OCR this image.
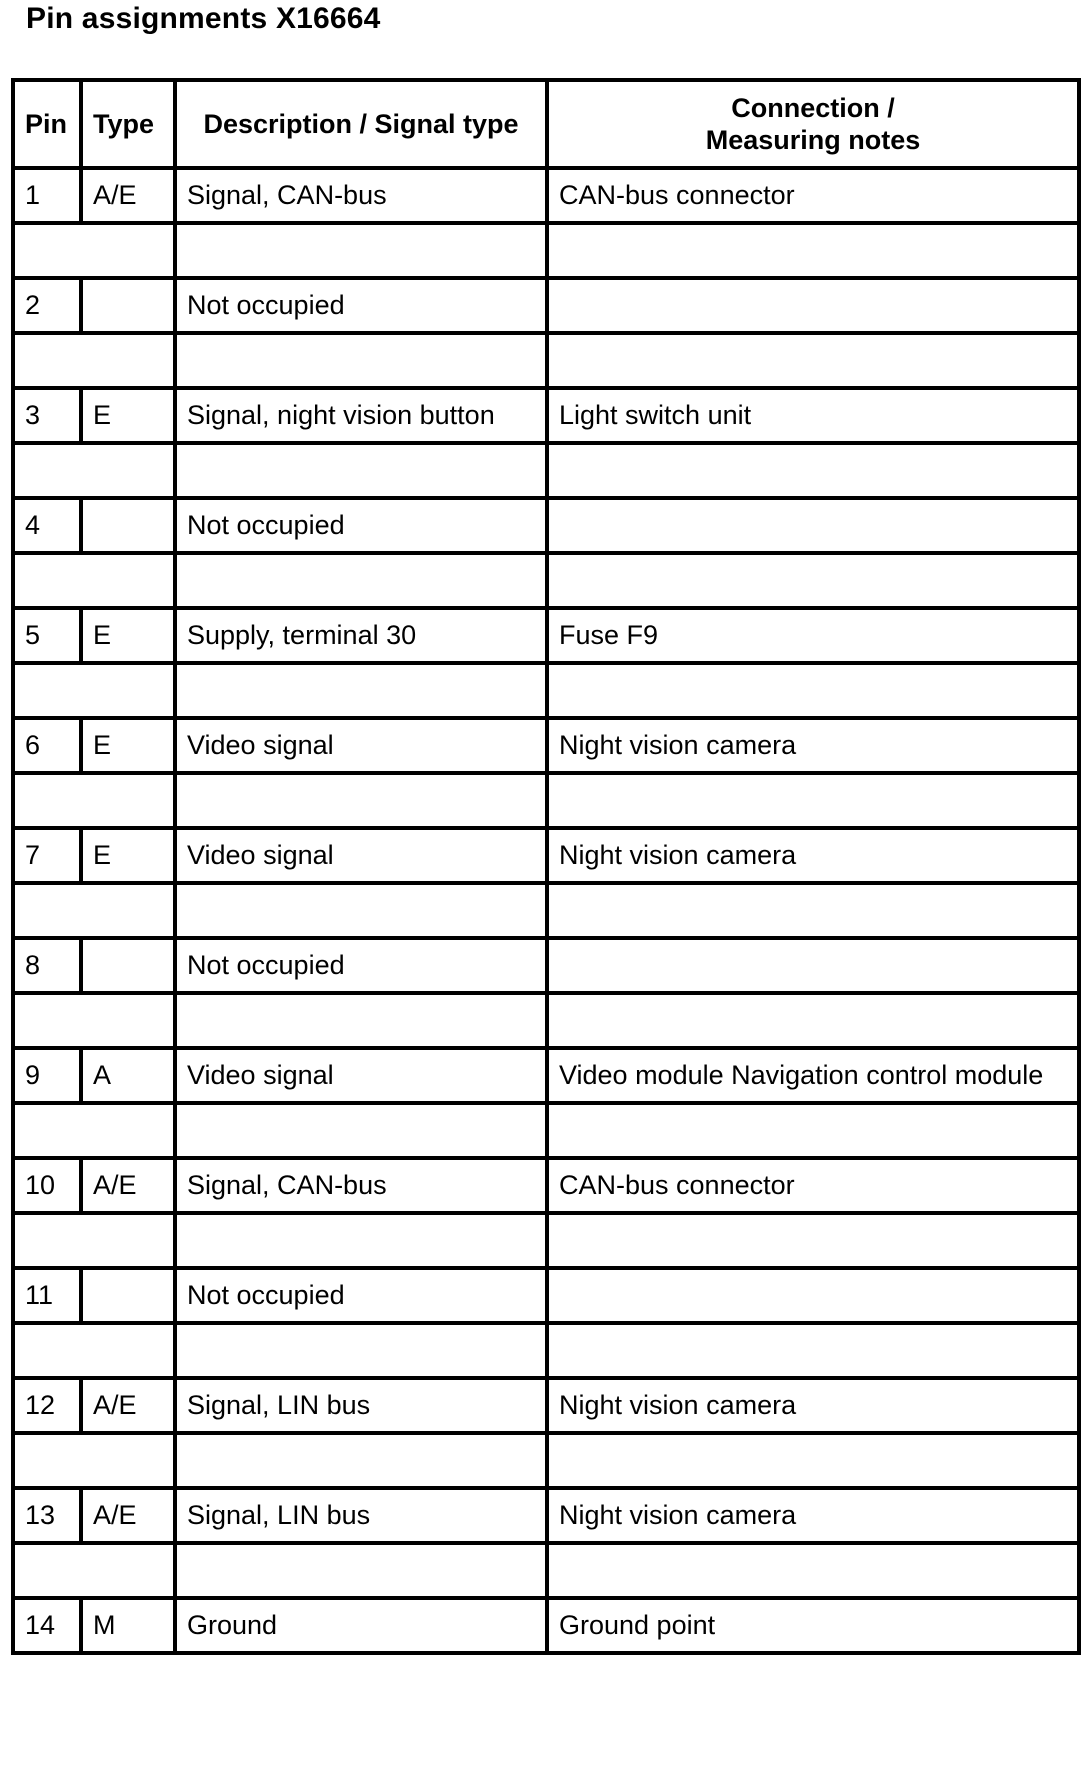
Pin assignments X16664
Pin	Type	Description / Signal type	Connection /
Measuring notes
1	A/E	Signal, CAN-bus	CAN-bus connector

2		Not occupied	

3	E	Signal, night vision button	Light switch unit

4		Not occupied	

5	E	Supply, terminal 30	Fuse F9

6	E	Video signal	Night vision camera

7	E	Video signal	Night vision camera

8		Not occupied	

9	A	Video signal	Video module Navigation control module

10	A/E	Signal, CAN-bus	CAN-bus connector

11		Not occupied	

12	A/E	Signal, LIN bus	Night vision camera

13	A/E	Signal, LIN bus	Night vision camera

14	M	Ground	Ground point
